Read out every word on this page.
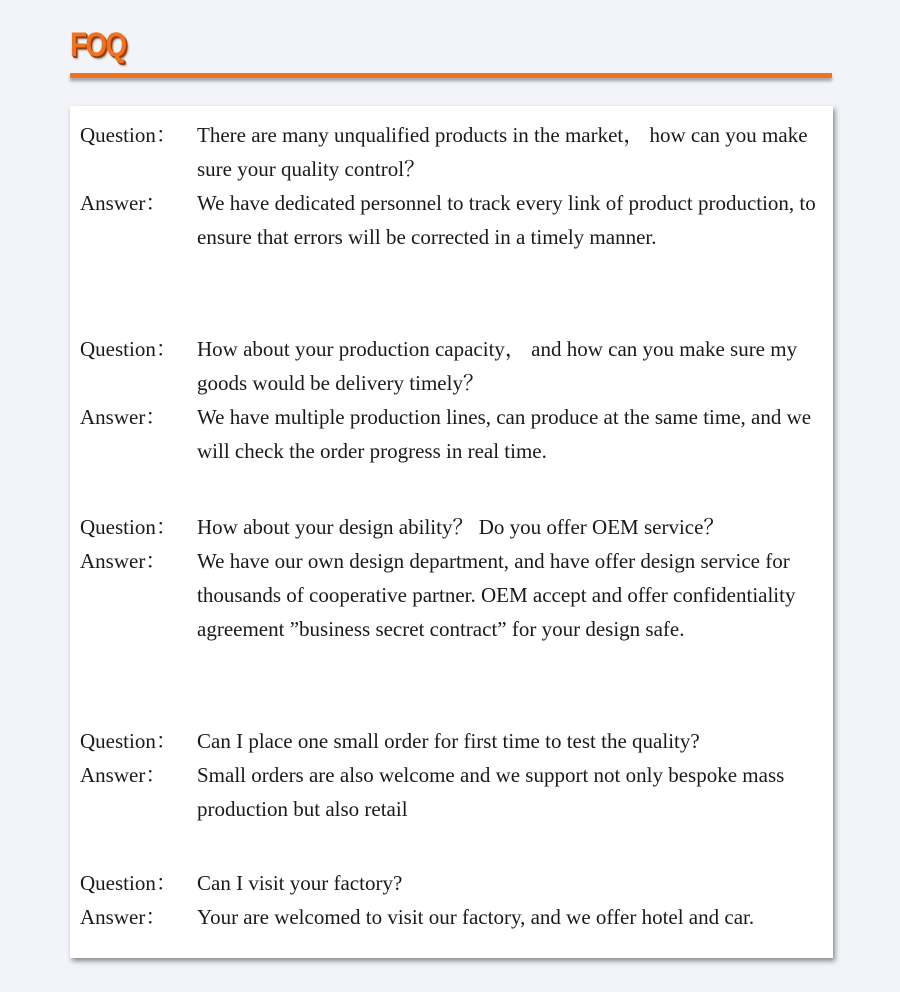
FOQ
Question： There are many unqualified products in the market， how can you make sure your quality control？
Answer：	We have dedicated personnel to track every link of product production, to ensure that errors will be corrected in a timely manner.
Question： How about your production capacity， and how can you make sure my goods would be delivery timely？
Answer：	We have multiple production lines, can produce at the same time, and we will check the order progress in real time.
Question： How about your design ability？ Do you offer OEM service？
Answer：	We have our own design department, and have offer design service for thousands of cooperative partner. OEM accept and offer confidentiality agreement ”business secret contract” for your design safe.
Question： Can I place one small order for first time to test the quality?
Answer：	Small orders are also welcome and we support not only bespoke mass production but also retail
Question： Can I visit your factory?
Answer：	Your are welcomed to visit our factory, and we offer hotel and car.
